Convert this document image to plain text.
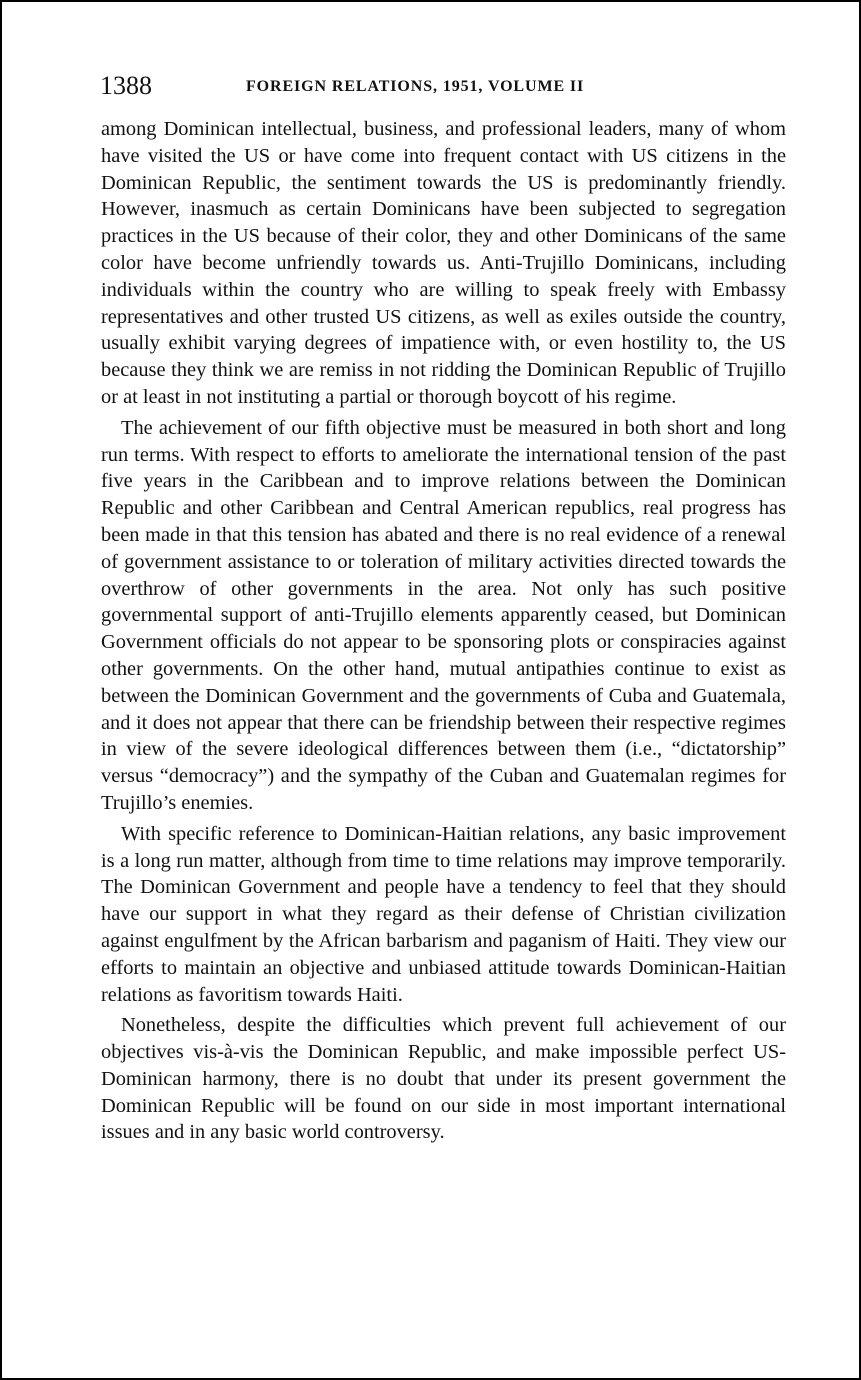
1388	FOREIGN RELATIONS, 1951, VOLUME II

among Dominican intellectual, business, and professional leaders, many of whom have visited the US or have come into frequent contact with US citizens in the Dominican Republic, the sentiment towards the US is predominantly friendly. However, inasmuch as certain Dominicans have been subjected to segregation practices in the US because of their color, they and other Dominicans of the same color have become unfriendly towards us. Anti-Trujillo Dominicans, including individuals within the country who are willing to speak freely with Embassy representatives and other trusted US citizens, as well as exiles outside the country, usually exhibit varying degrees of impatience with, or even hostility to, the US because they think we are remiss in not ridding the Dominican Republic of Trujillo or at least in not instituting a partial or thorough boycott of his regime.

The achievement of our fifth objective must be measured in both short and long run terms. With respect to efforts to ameliorate the international tension of the past five years in the Caribbean and to improve relations between the Dominican Republic and other Caribbean and Central American republics, real progress has been made in that this tension has abated and there is no real evidence of a renewal of government assistance to or toleration of military activities directed towards the overthrow of other governments in the area. Not only has such positive governmental support of anti-Trujillo elements apparently ceased, but Dominican Government officials do not appear to be sponsoring plots or conspiracies against other governments. On the other hand, mutual antipathies continue to exist as between the Dominican Government and the governments of Cuba and Guatemala, and it does not appear that there can be friendship between their respective regimes in view of the severe ideological differences between them (i.e., “dictatorship” versus “democracy”) and the sympathy of the Cuban and Guatemalan regimes for Trujillo’s enemies.

With specific reference to Dominican-Haitian relations, any basic improvement is a long run matter, although from time to time relations may improve temporarily. The Dominican Government and people have a tendency to feel that they should have our support in what they regard as their defense of Christian civilization against engulfment by the African barbarism and paganism of Haiti. They view our efforts to maintain an objective and unbiased attitude towards Dominican-Haitian relations as favoritism towards Haiti.

Nonetheless, despite the difficulties which prevent full achievement of our objectives vis-à-vis the Dominican Republic, and make impossible perfect US-Dominican harmony, there is no doubt that under its present government the Dominican Republic will be found on our side in most important international issues and in any basic world controversy.
